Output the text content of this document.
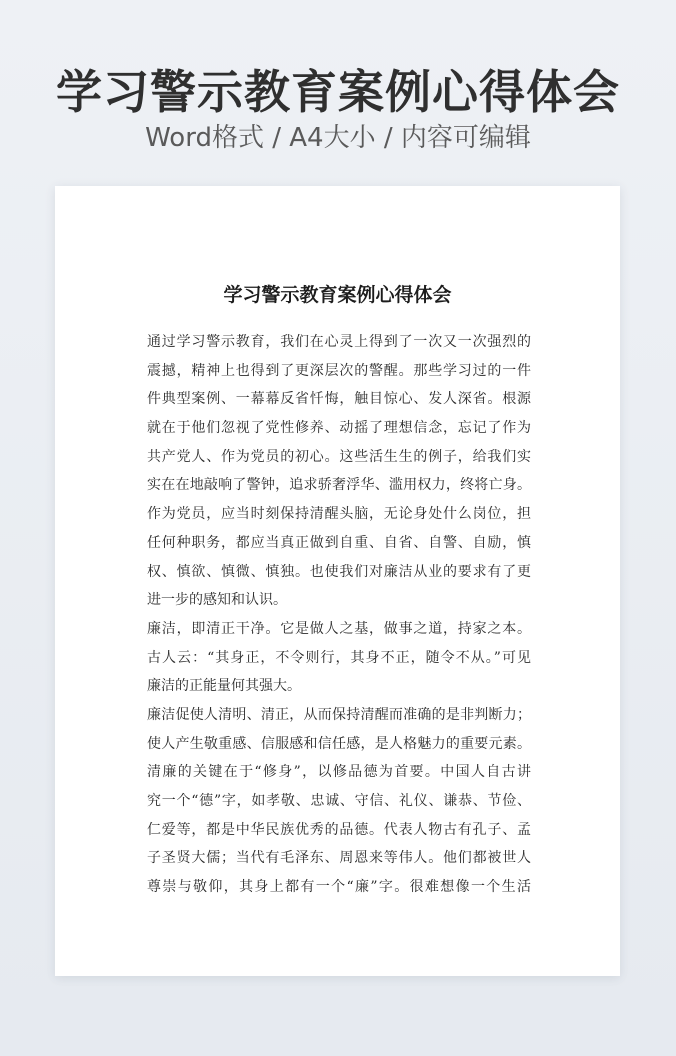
学习警示教育案例心得体会
Word格式 / A4大小 / 内容可编辑
学习警示教育案例心得体会
通过学习警示教育，我们在心灵上得到了一次又一次强烈的
震撼，精神上也得到了更深层次的警醒。那些学习过的一件
件典型案例、一幕幕反省忏悔，触目惊心、发人深省。根源
就在于他们忽视了党性修养、动摇了理想信念，忘记了作为
共产党人、作为党员的初心。这些活生生的例子，给我们实
实在在地敲响了警钟，追求骄奢浮华、滥用权力，终将亡身。
作为党员，应当时刻保持清醒头脑，无论身处什么岗位，担
任何种职务，都应当真正做到自重、自省、自警、自励，慎
权、慎欲、慎微、慎独。也使我们对廉洁从业的要求有了更
进一步的感知和认识。
廉洁，即清正干净。它是做人之基，做事之道，持家之本。
古人云：“其身正，不令则行，其身不正，随令不从。”可见
廉洁的正能量何其强大。
廉洁促使人清明、清正，从而保持清醒而准确的是非判断力；
使人产生敬重感、信服感和信任感，是人格魅力的重要元素。
清廉的关键在于“修身”，以修品德为首要。中国人自古讲
究一个“德”字，如孝敬、忠诚、守信、礼仪、谦恭、节俭、
仁爱等，都是中华民族优秀的品德。代表人物古有孔子、孟
子圣贤大儒；当代有毛泽东、周恩来等伟人。他们都被世人
尊崇与敬仰，其身上都有一个“廉”字。很难想像一个生活
